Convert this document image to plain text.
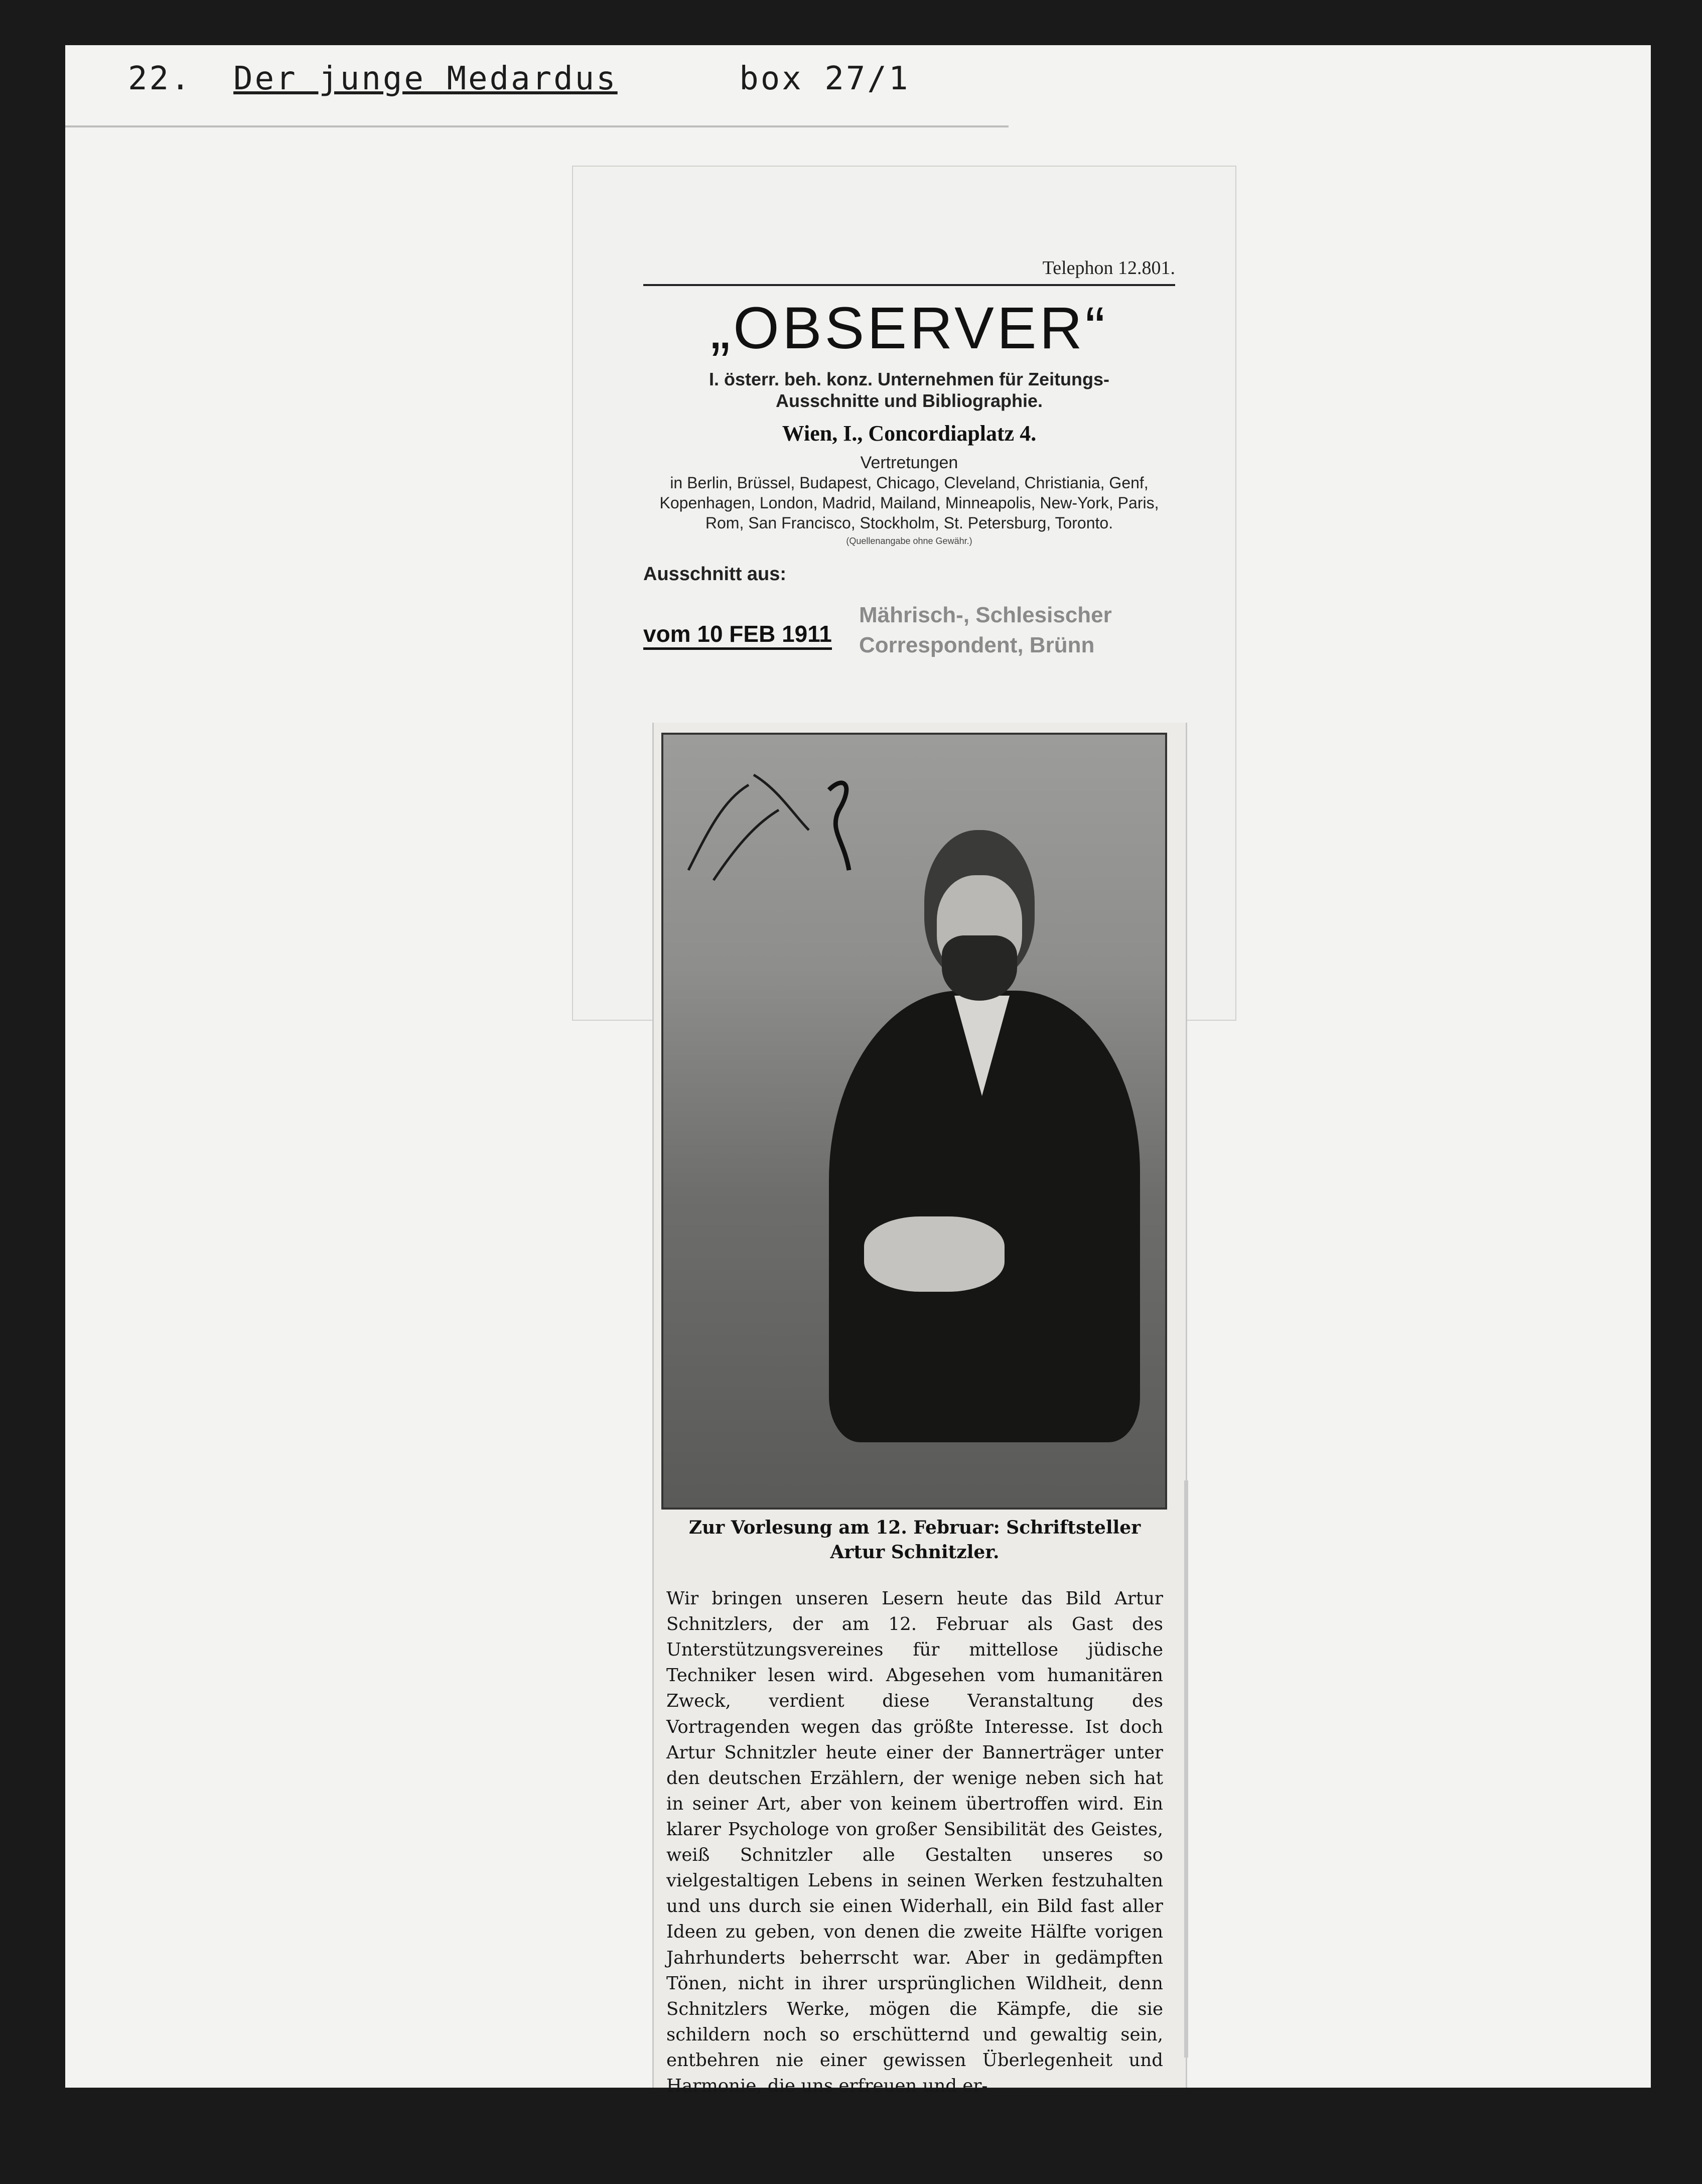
22. Der junge Medardus	box 27/1
Telephon 12.801.
„OBSERVER“
I. österr. beh. konz. Unternehmen für Zeitungs-
Ausschnitte und Bibliographie.
Wien, I., Concordiaplatz 4.
Vertretungen
in Berlin, Brüssel, Budapest, Chicago, Cleveland, Christiania, Genf, Kopenhagen, London, Madrid, Mailand, Minneapolis, New-York, Paris, Rom, San Francisco, Stockholm, St. Petersburg, Toronto.
(Quellenangabe ohne Gewähr.)
Ausschnitt aus:
Mährisch-, Schlesischer
Correspondent, Brünn
vom 10 FEB 1911
Zur Vorlesung am 12. Februar: Schriftsteller Artur Schnitzler.
Wir bringen unseren Lesern heute das Bild Artur Schnitzlers, der am 12. Februar als Gast des Unterstützungsvereines für mittellose jüdische Techniker lesen wird. Abgesehen vom humanitären Zweck, verdient diese Veranstaltung des Vortragenden wegen das größte Interesse. Ist doch Artur Schnitzler heute einer der Bannerträger unter den deutschen Erzählern, der wenige neben sich hat in seiner Art, aber von keinem übertroffen wird. Ein klarer Psychologe von großer Sensibilität des Geistes, weiß Schnitzler alle Gestalten unseres so vielgestaltigen Lebens in seinen Werken festzuhalten und uns durch sie einen Widerhall, ein Bild fast aller Ideen zu geben, von denen die zweite Hälfte vorigen Jahrhunderts beherrscht war. Aber in gedämpften Tönen, nicht in ihrer ursprünglichen Wildheit, denn Schnitzlers Werke, mögen die Kämpfe, die sie schildern noch so erschütternd und gewaltig sein, entbehren nie einer gewissen Überlegenheit und Harmonie, die uns erfreuen und er-
